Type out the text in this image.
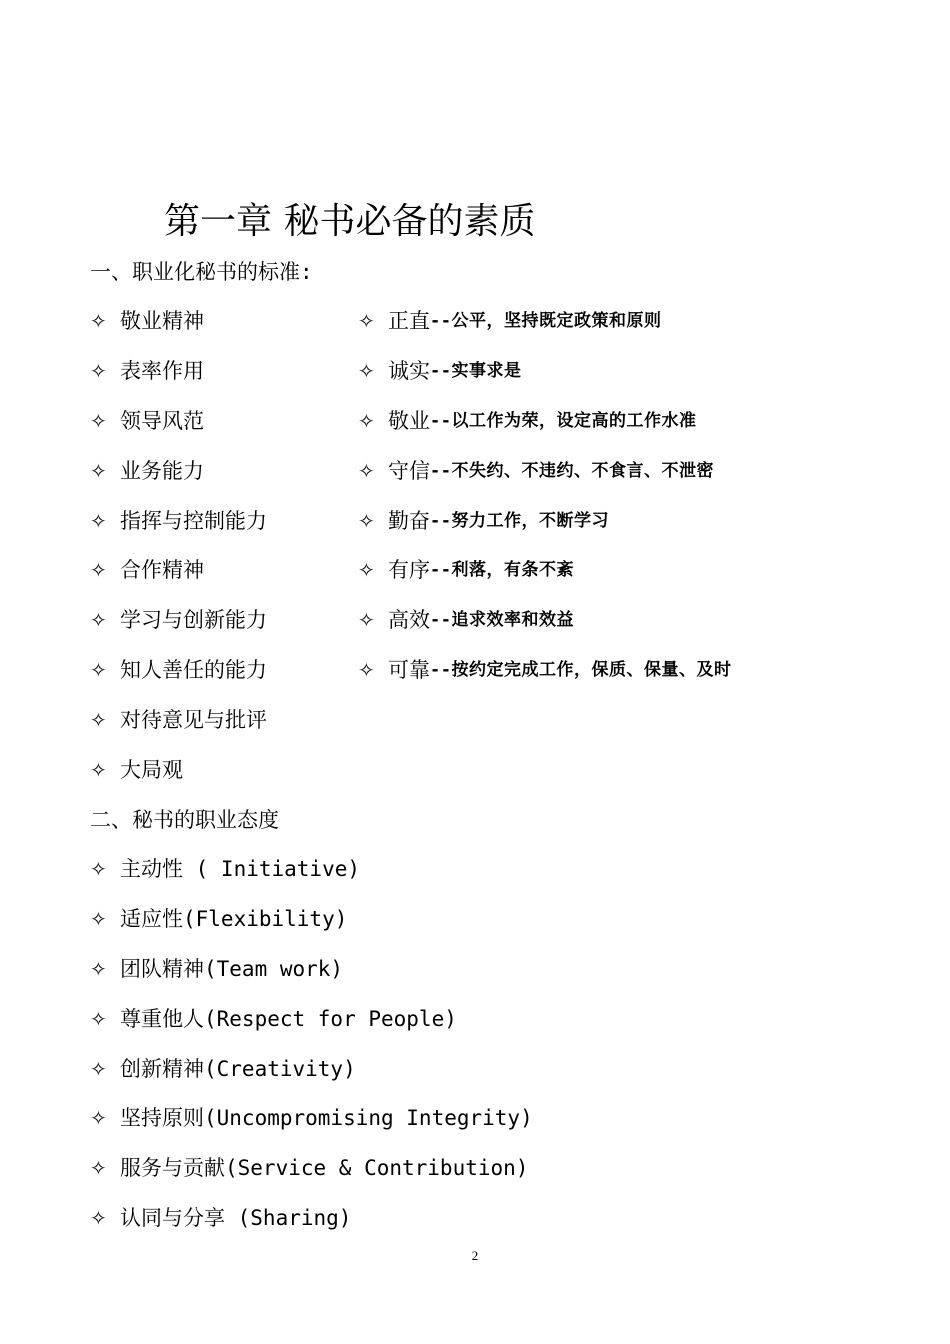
第一章 秘书必备的素质
一、职业化秘书的标准:
✧ 敬业精神
✧ 表率作用
✧ 领导风范
✧ 业务能力
✧ 指挥与控制能力
✧ 合作精神
✧ 学习与创新能力
✧ 知人善任的能力
✧ 对待意见与批评
✧ 大局观
✧ 正直 --公平，坚持既定政策和原则
✧ 诚实 --实事求是
✧ 敬业 --以工作为荣，设定高的工作水准
✧ 守信 --不失约、不违约、不食言、不泄密
✧ 勤奋 --努力工作，不断学习
✧ 有序 --利落，有条不紊
✧ 高效 --追求效率和效益
✧ 可靠 --按约定完成工作，保质、保量、及时
二、秘书的职业态度
✧ 主动性 ( Initiative)
✧ 适应性(Flexibility)
✧ 团队精神(Team work)
✧ 尊重他人(Respect for People)
✧ 创新精神(Creativity)
✧ 坚持原则(Uncompromising Integrity)
✧ 服务与贡献(Service & Contribution)
✧ 认同与分享 (Sharing)
2
